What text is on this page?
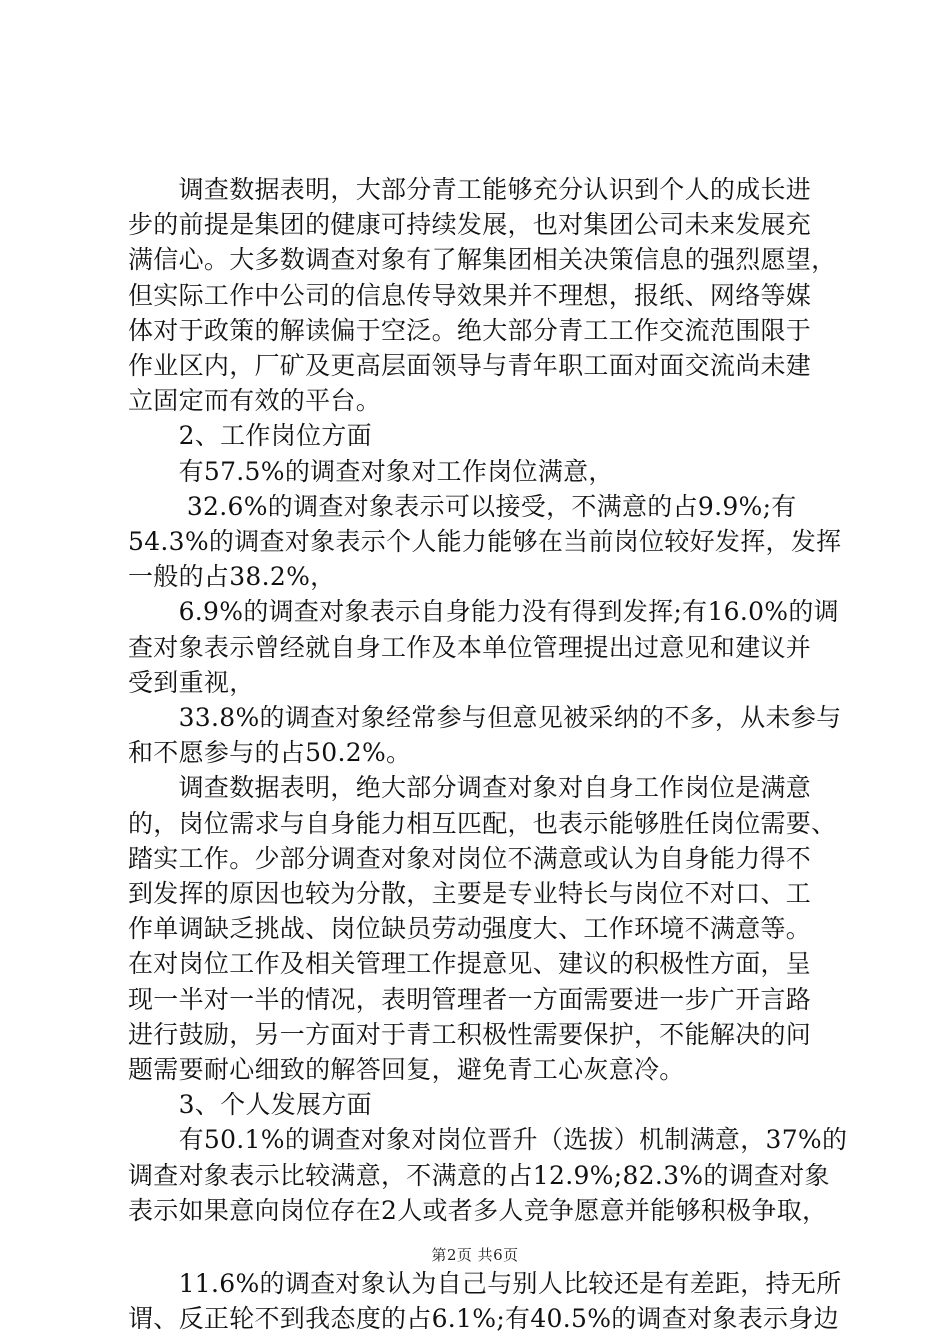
　　调查数据表明，大部分青工能够充分认识到个人的成长进
步的前提是集团的健康可持续发展，也对集团公司未来发展充
满信心。大多数调查对象有了解集团相关决策信息的强烈愿望，
但实际工作中公司的信息传导效果并不理想，报纸、网络等媒
体对于政策的解读偏于空泛。绝大部分青工工作交流范围限于
作业区内，厂矿及更高层面领导与青年职工面对面交流尚未建
立固定而有效的平台。

　　2、工作岗位方面

　　有57.5%的调查对象对工作岗位满意，

　　 32.6%的调查对象表示可以接受，不满意的占9.9%;有
54.3%的调查对象表示个人能力能够在当前岗位较好发挥，发挥
一般的占38.2%，

　　6.9%的调查对象表示自身能力没有得到发挥;有16.0%的调
查对象表示曾经就自身工作及本单位管理提出过意见和建议并
受到重视，

　　33.8%的调查对象经常参与但意见被采纳的不多，从未参与
和不愿参与的占50.2%。

　　调查数据表明，绝大部分调查对象对自身工作岗位是满意
的，岗位需求与自身能力相互匹配，也表示能够胜任岗位需要、
踏实工作。少部分调查对象对岗位不满意或认为自身能力得不
到发挥的原因也较为分散，主要是专业特长与岗位不对口、工
作单调缺乏挑战、岗位缺员劳动强度大、工作环境不满意等。
在对岗位工作及相关管理工作提意见、建议的积极性方面，呈
现一半对一半的情况，表明管理者一方面需要进一步广开言路
进行鼓励，另一方面对于青工积极性需要保护，不能解决的问
题需要耐心细致的解答回复，避免青工心灰意冷。

　　3、个人发展方面

　　有50.1%的调查对象对岗位晋升（选拔）机制满意，37%的
调查对象表示比较满意，不满意的占12.9%;82.3%的调查对象
表示如果意向岗位存在2人或者多人竞争愿意并能够积极争取，

　　11.6%的调查对象认为自己与别人比较还是有差距，持无所
谓、反正轮不到我态度的占6.1%;有40.5%的调查对象表示身边

第2页 共6页
